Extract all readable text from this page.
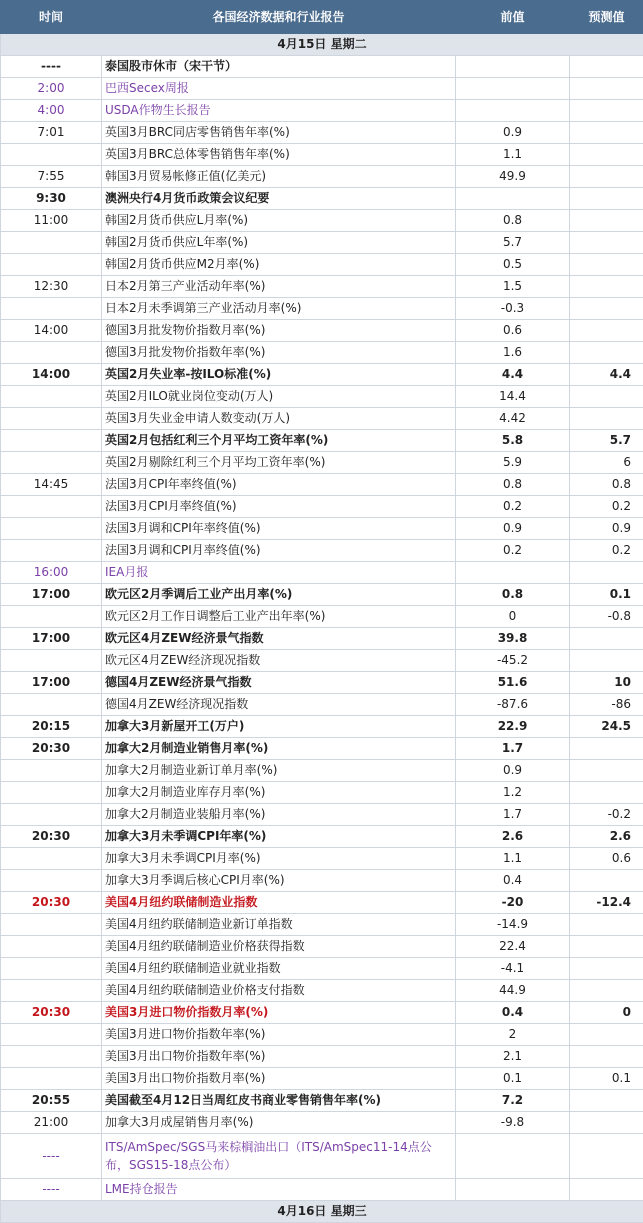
时间	各国经济数据和行业报告	前值	预测值
4月15日 星期二			
----	泰国股市休市（宋干节）		
2:00	巴西Secex周报		
4:00	USDA作物生长报告		
7:01	英国3月BRC同店零售销售年率(%)	0.9	
	英国3月BRC总体零售销售年率(%)	1.1	
7:55	韩国3月贸易帐修正值(亿美元)	49.9	
9:30	澳洲央行4月货币政策会议纪要		
11:00	韩国2月货币供应L月率(%)	0.8	
	韩国2月货币供应L年率(%)	5.7	
	韩国2月货币供应M2月率(%)	0.5	
12:30	日本2月第三产业活动年率(%)	1.5	
	日本2月未季调第三产业活动月率(%)	-0.3	
14:00	德国3月批发物价指数月率(%)	0.6	
	德国3月批发物价指数年率(%)	1.6	
14:00	英国2月失业率-按ILO标准(%)	4.4	4.4
	英国2月ILO就业岗位变动(万人)	14.4	
	英国3月失业金申请人数变动(万人)	4.42	
	英国2月包括红利三个月平均工资年率(%)	5.8	5.7
	英国2月剔除红利三个月平均工资年率(%)	5.9	6
14:45	法国3月CPI年率终值(%)	0.8	0.8
	法国3月CPI月率终值(%)	0.2	0.2
	法国3月调和CPI年率终值(%)	0.9	0.9
	法国3月调和CPI月率终值(%)	0.2	0.2
16:00	IEA月报		
17:00	欧元区2月季调后工业产出月率(%)	0.8	0.1
	欧元区2月工作日调整后工业产出年率(%)	0	-0.8
17:00	欧元区4月ZEW经济景气指数	39.8	
	欧元区4月ZEW经济现况指数	-45.2	
17:00	德国4月ZEW经济景气指数	51.6	10
	德国4月ZEW经济现况指数	-87.6	-86
20:15	加拿大3月新屋开工(万户)	22.9	24.5
20:30	加拿大2月制造业销售月率(%)	1.7	
	加拿大2月制造业新订单月率(%)	0.9	
	加拿大2月制造业库存月率(%)	1.2	
	加拿大2月制造业装船月率(%)	1.7	-0.2
20:30	加拿大3月未季调CPI年率(%)	2.6	2.6
	加拿大3月未季调CPI月率(%)	1.1	0.6
	加拿大3月季调后核心CPI月率(%)	0.4	
20:30	美国4月纽约联储制造业指数	-20	-12.4
	美国4月纽约联储制造业新订单指数	-14.9	
	美国4月纽约联储制造业价格获得指数	22.4	
	美国4月纽约联储制造业就业指数	-4.1	
	美国4月纽约联储制造业价格支付指数	44.9	
20:30	美国3月进口物价指数月率(%)	0.4	0
	美国3月进口物价指数年率(%)	2	
	美国3月出口物价指数年率(%)	2.1	
	美国3月出口物价指数月率(%)	0.1	0.1
20:55	美国截至4月12日当周红皮书商业零售销售年率(%)	7.2	
21:00	加拿大3月成屋销售月率(%)	-9.8	
----	ITS/AmSpec/SGS马来棕榈油出口（ITS/AmSpec11-14点公布，SGS15-18点公布）		
----	LME持仓报告		
4月16日 星期三			
